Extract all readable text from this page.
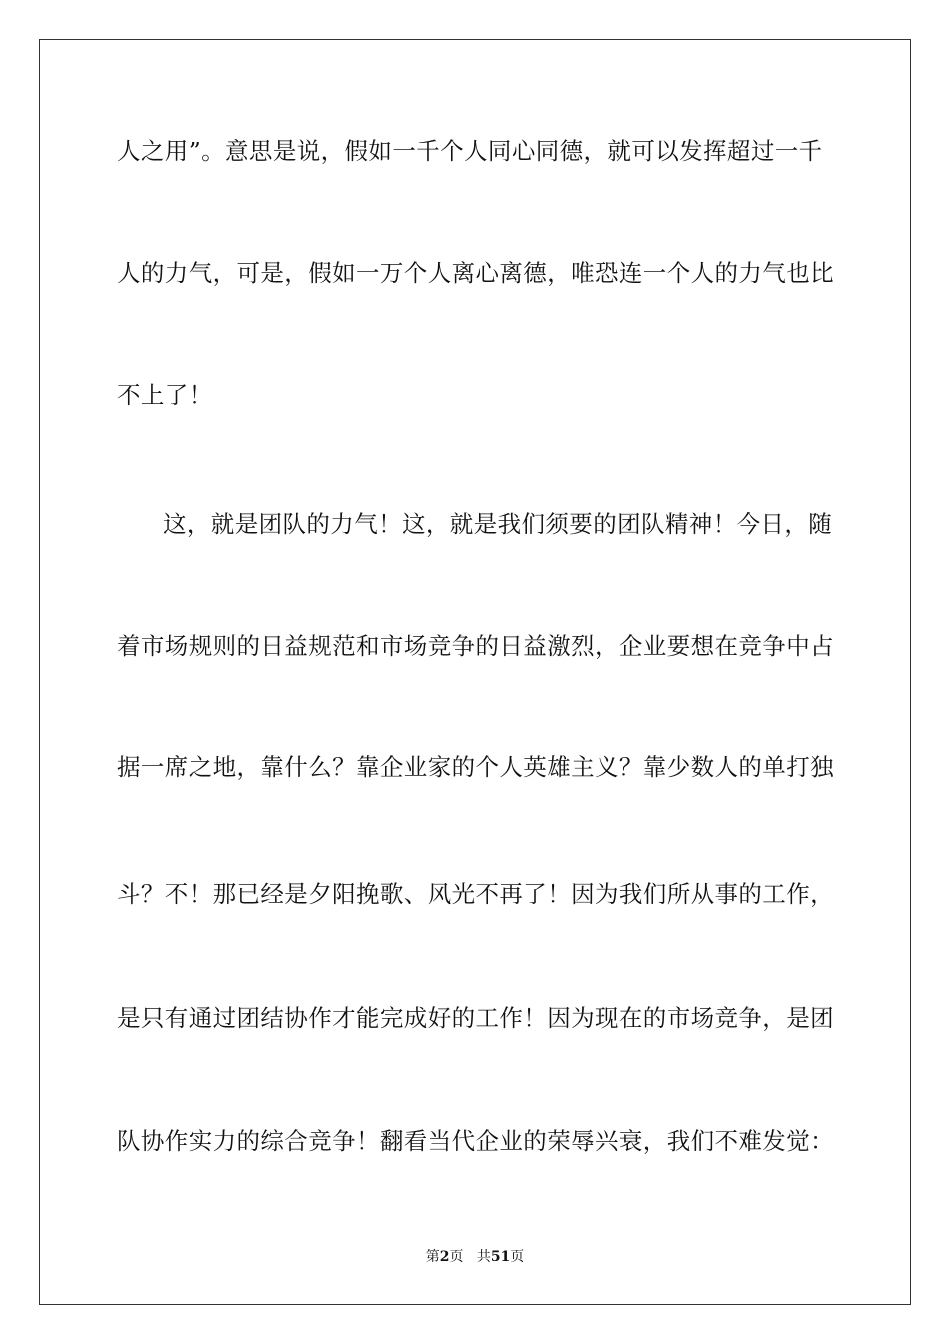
人之用”。意思是说，假如一千个人同心同德，就可以发挥超过一千
人的力气，可是，假如一万个人离心离德，唯恐连一个人的力气也比
不上了！
这，就是团队的力气！这，就是我们须要的团队精神！今日，随
着市场规则的日益规范和市场竞争的日益激烈，企业要想在竞争中占
据一席之地，靠什么？靠企业家的个人英雄主义？靠少数人的单打独
斗？不！那已经是夕阳挽歌、风光不再了！因为我们所从事的工作，
是只有通过团结协作才能完成好的工作！因为现在的市场竞争，是团
队协作实力的综合竞争！翻看当代企业的荣辱兴衰，我们不难发觉：
第2页 共51页
